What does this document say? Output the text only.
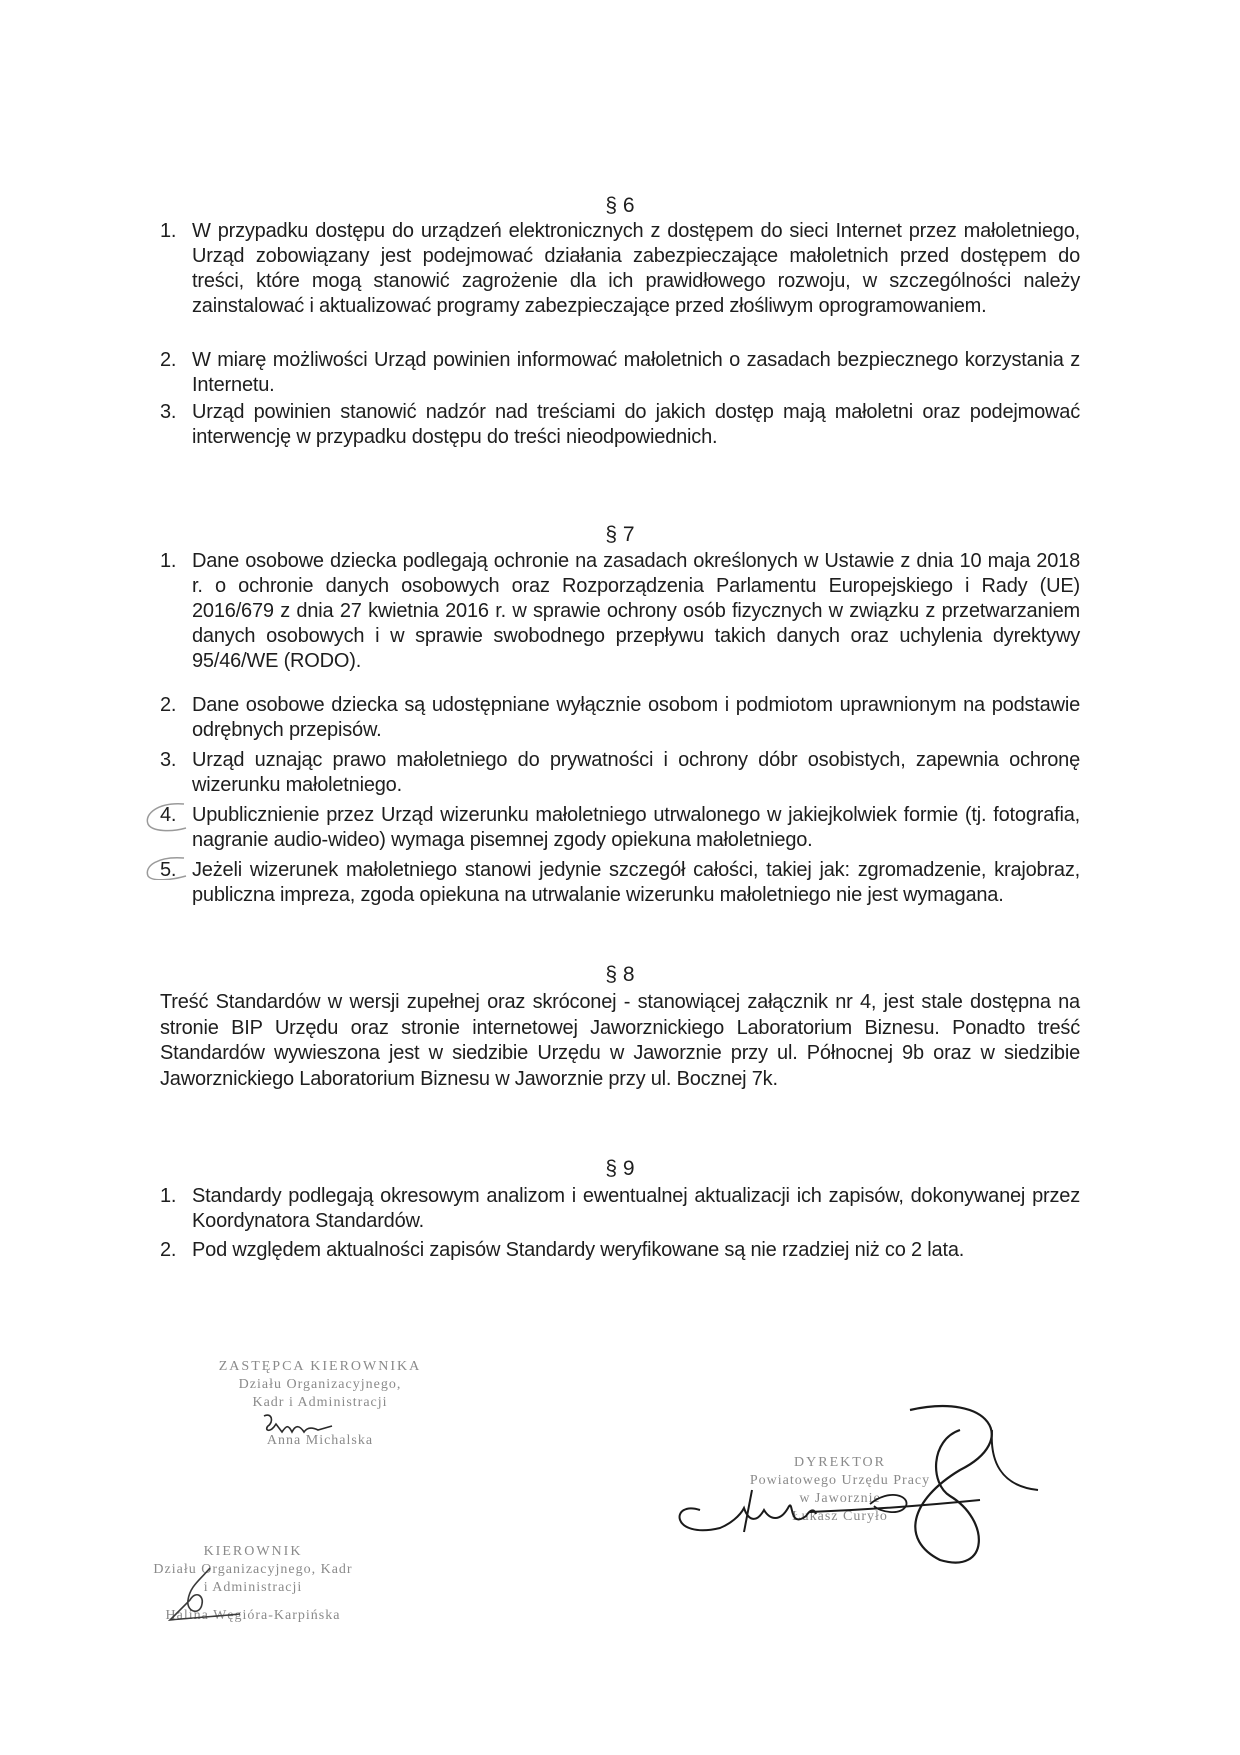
§ 6
1. W przypadku dostępu do urządzeń elektronicznych z dostępem do sieci Internet przez małoletniego, Urząd zobowiązany jest podejmować działania zabezpieczające małoletnich przed dostępem do treści, które mogą stanowić zagrożenie dla ich prawidłowego rozwoju, w szczególności należy zainstalować i aktualizować programy zabezpieczające przed złośliwym oprogramowaniem.
2. W miarę możliwości Urząd powinien informować małoletnich o zasadach bezpiecznego korzystania z Internetu.
3. Urząd powinien stanowić nadzór nad treściami do jakich dostęp mają małoletni oraz podejmować interwencję w przypadku dostępu do treści nieodpowiednich.
§ 7
1. Dane osobowe dziecka podlegają ochronie na zasadach określonych w Ustawie z dnia 10 maja 2018 r. o ochronie danych osobowych oraz Rozporządzenia Parlamentu Europejskiego i Rady (UE) 2016/679 z dnia 27 kwietnia 2016 r. w sprawie ochrony osób fizycznych w związku z przetwarzaniem danych osobowych i w sprawie swobodnego przepływu takich danych oraz uchylenia dyrektywy 95/46/WE (RODO).
2. Dane osobowe dziecka są udostępniane wyłącznie osobom i podmiotom uprawnionym na podstawie odrębnych przepisów.
3. Urząd uznając prawo małoletniego do prywatności i ochrony dóbr osobistych, zapewnia ochronę wizerunku małoletniego.
4. Upublicznienie przez Urząd wizerunku małoletniego utrwalonego w jakiejkolwiek formie (tj. fotografia, nagranie audio-wideo) wymaga pisemnej zgody opiekuna małoletniego.
5. Jeżeli wizerunek małoletniego stanowi jedynie szczegół całości, takiej jak: zgromadzenie, krajobraz, publiczna impreza, zgoda opiekuna na utrwalanie wizerunku małoletniego nie jest wymagana.
§ 8
Treść Standardów w wersji zupełnej oraz skróconej - stanowiącej załącznik nr 4, jest stale dostępna na stronie BIP Urzędu oraz stronie internetowej Jaworznickiego Laboratorium Biznesu. Ponadto treść Standardów wywieszona jest w siedzibie Urzędu w Jaworznie przy ul. Północnej 9b oraz w siedzibie Jaworznickiego Laboratorium Biznesu w Jaworznie przy ul. Bocznej 7k.
§ 9
1. Standardy podlegają okresowym analizom i ewentualnej aktualizacji ich zapisów, dokonywanej przez Koordynatora Standardów.
2. Pod względem aktualności zapisów Standardy weryfikowane są nie rzadziej niż co 2 lata.
ZASTĘPCA KIEROWNIKA
Działu Organizacyjnego,
Kadr i Administracji
Anna Michalska
DYREKTOR
Powiatowego Urzędu Pracy
w Jaworznie
Łukasz Curyło
KIEROWNIK
Działu Organizacyjnego, Kadr
i Administracji
Halina Węgióra-Karpińska
